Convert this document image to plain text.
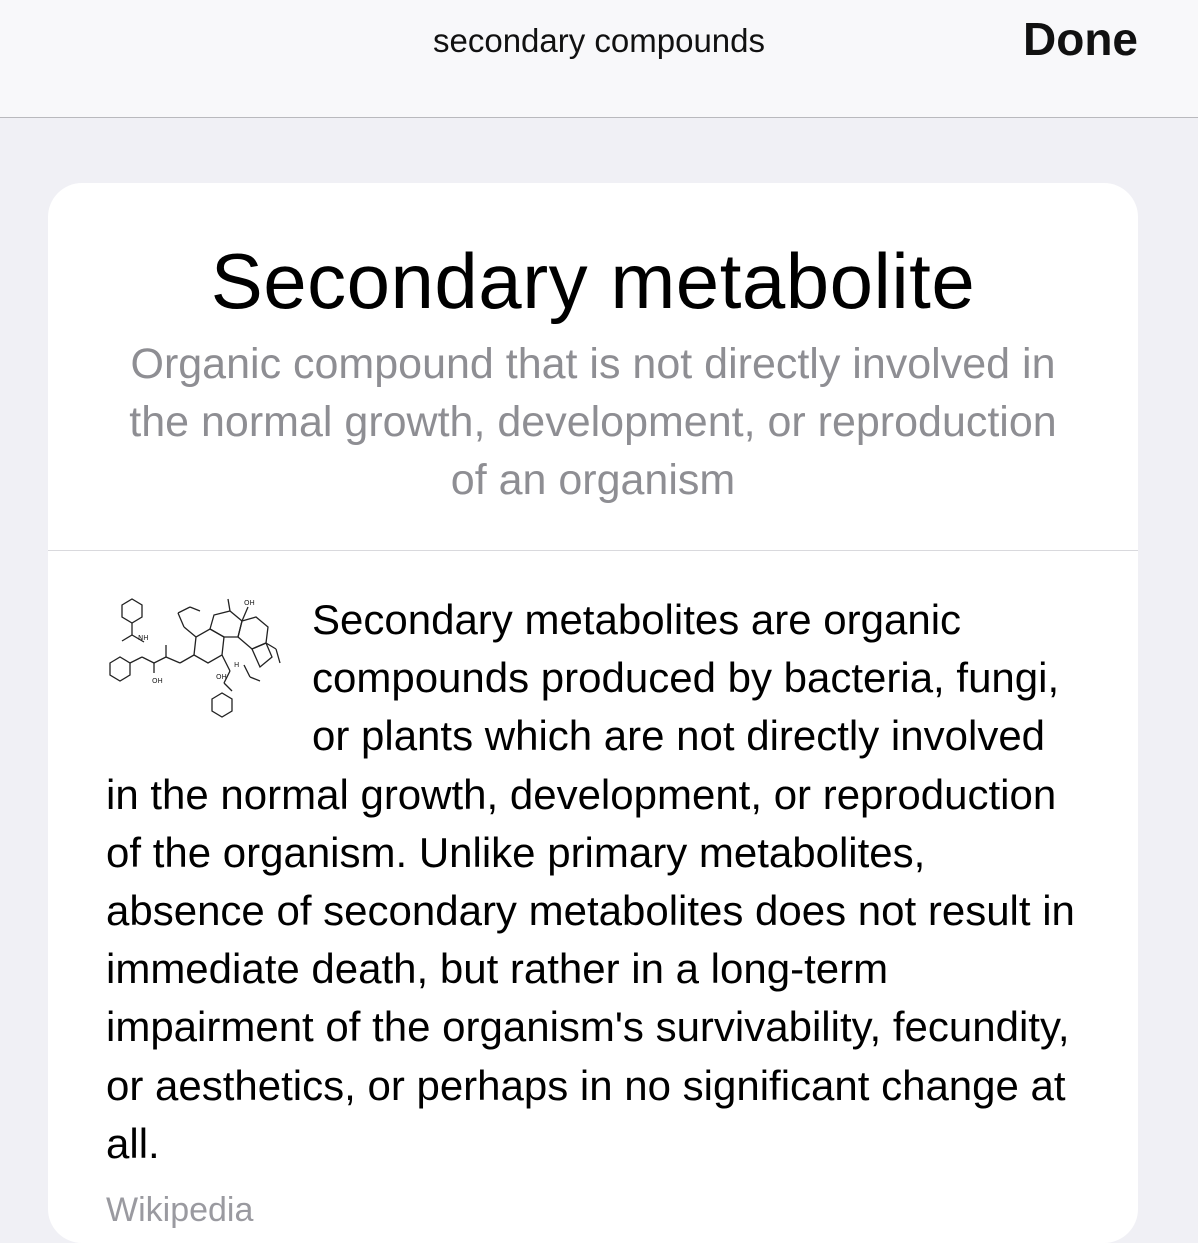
secondary compounds	Done
Secondary metabolite
Organic compound that is not directly involved in the normal growth, development, or reproduction of an organism
NH
OH
OH
OH
H

Secondary metabolites are organic compounds produced by bacteria, fungi, or plants which are not directly involved in the normal growth, development, or reproduction of the organism. Unlike primary metabolites, absence of secondary metabolites does not result in immediate death, but rather in a long-term impairment of the organism's survivability, fecundity, or aesthetics, or perhaps in no significant change at all.

Wikipedia
